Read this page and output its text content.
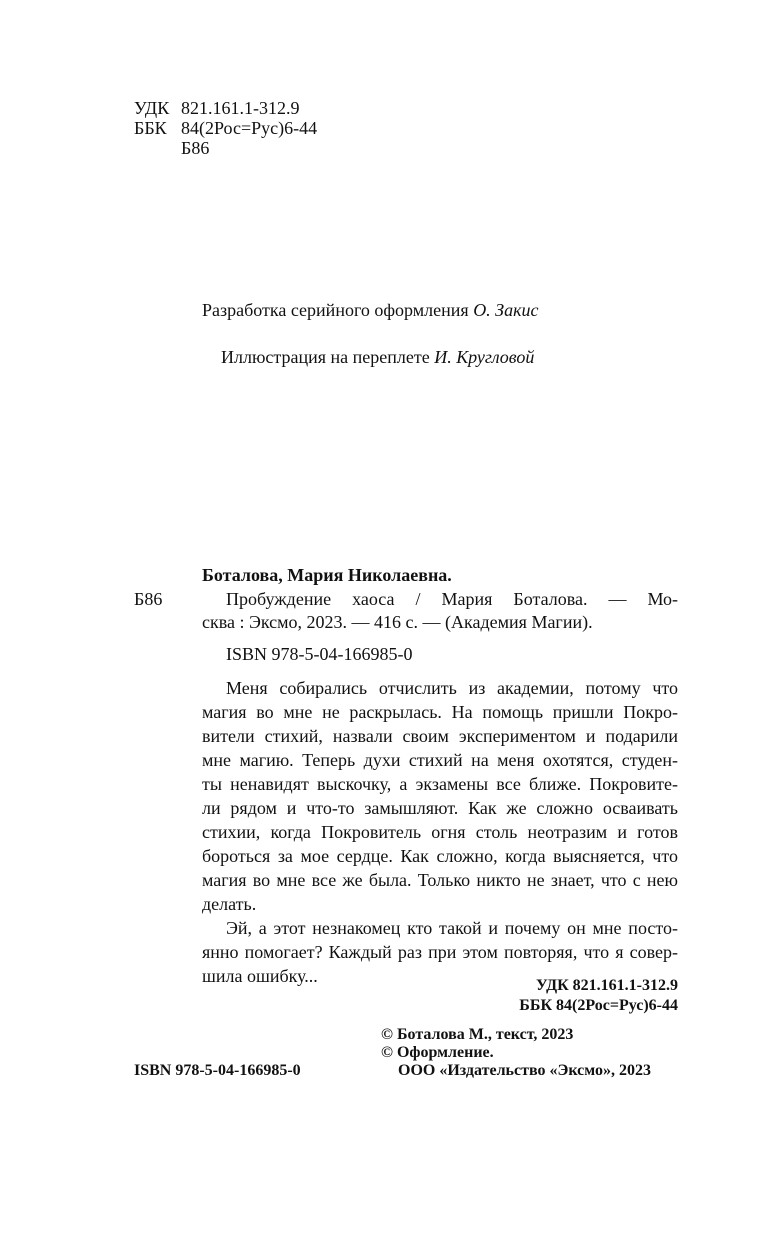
УДК 821.161.1-312.9
ББК 84(2Рос=Рус)6-44
Б86
Разработка серийного оформления О. Закис
Иллюстрация на переплете И. Кругловой
Боталова, Мария Николаевна.
Б86	Пробуждение хаоса / Мария Боталова. — Мо-
сква : Эксмо, 2023. — 416 с. — (Академия Магии).
ISBN 978-5-04-166985-0
Меня собирались отчислить из академии, потому что
магия во мне не раскрылась. На помощь пришли Покро-
вители стихий, назвали своим экспериментом и подарили
мне магию. Теперь духи стихий на меня охотятся, студен-
ты ненавидят выскочку, а экзамены все ближе. Покровите-
ли рядом и что-то замышляют. Как же сложно осваивать
стихии, когда Покровитель огня столь неотразим и готов
бороться за мое сердце. Как сложно, когда выясняется, что
магия во мне все же была. Только никто не знает, что с нею
делать.
Эй, а этот незнакомец кто такой и почему он мне посто-
янно помогает? Каждый раз при этом повторяя, что я совер-
шила ошибку...	УДК 821.161.1-312.9
ББК 84(2Рос=Рус)6-44
ISBN 978-5-04-166985-0
© Боталова М., текст, 2023
© Оформление.
ООО «Издательство «Эксмо», 2023
